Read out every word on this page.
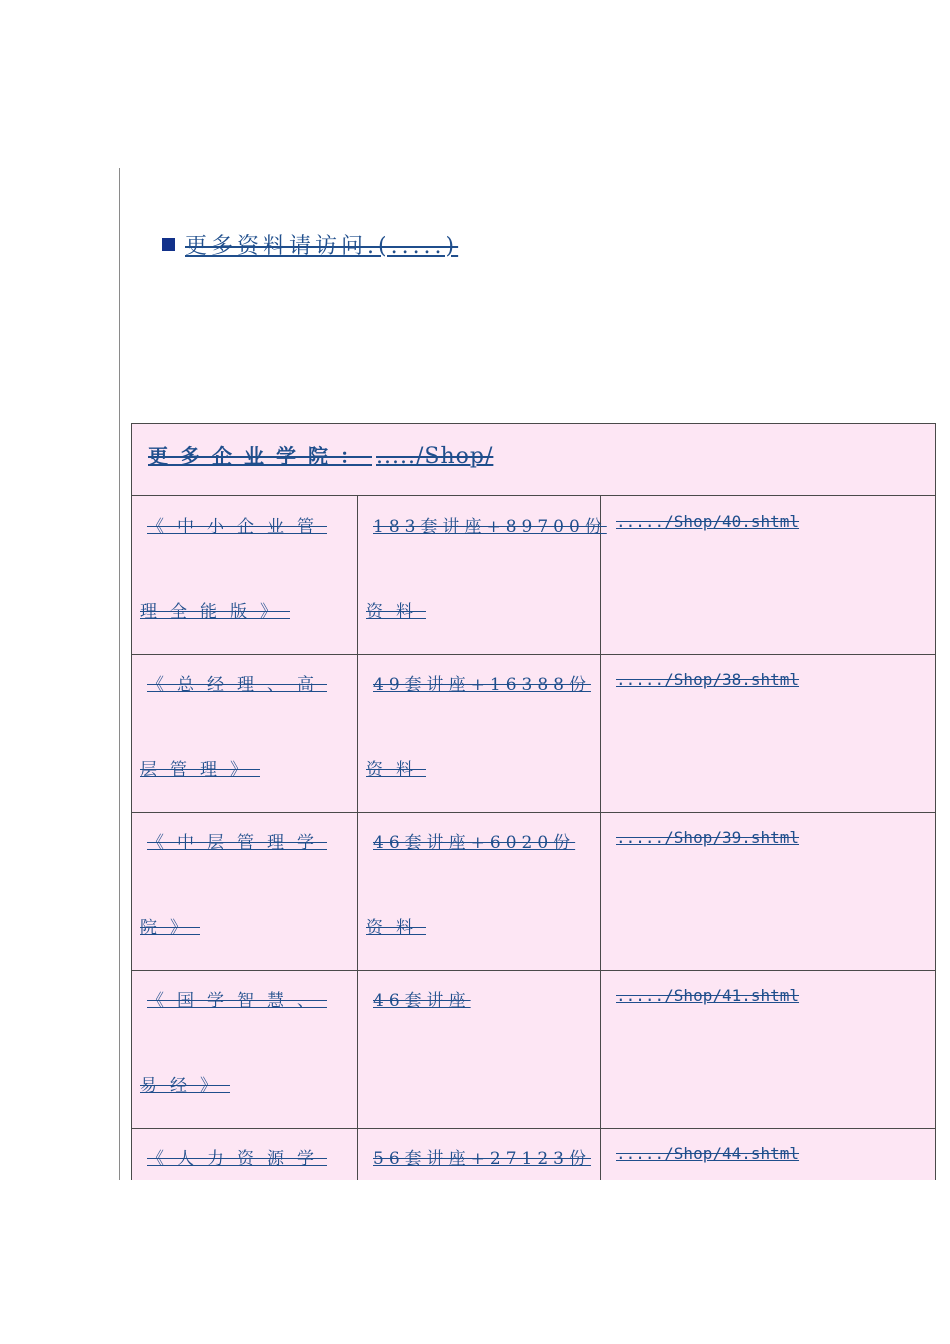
更多资料请访问.(.....)
更多企业学院： ...../Shop/
《中小企业管
理全能版》
183套讲座+89700份
资料
...../Shop/40.shtml
《总经理、高
层管理》
49套讲座+16388份
资料
...../Shop/38.shtml
《中层管理学
院》
46套讲座+6020份
资料
...../Shop/39.shtml
《国学智慧、
易经》
46套讲座	...../Shop/41.shtml
《人力资源学	56套讲座+27123份 ...../Shop/44.shtml
